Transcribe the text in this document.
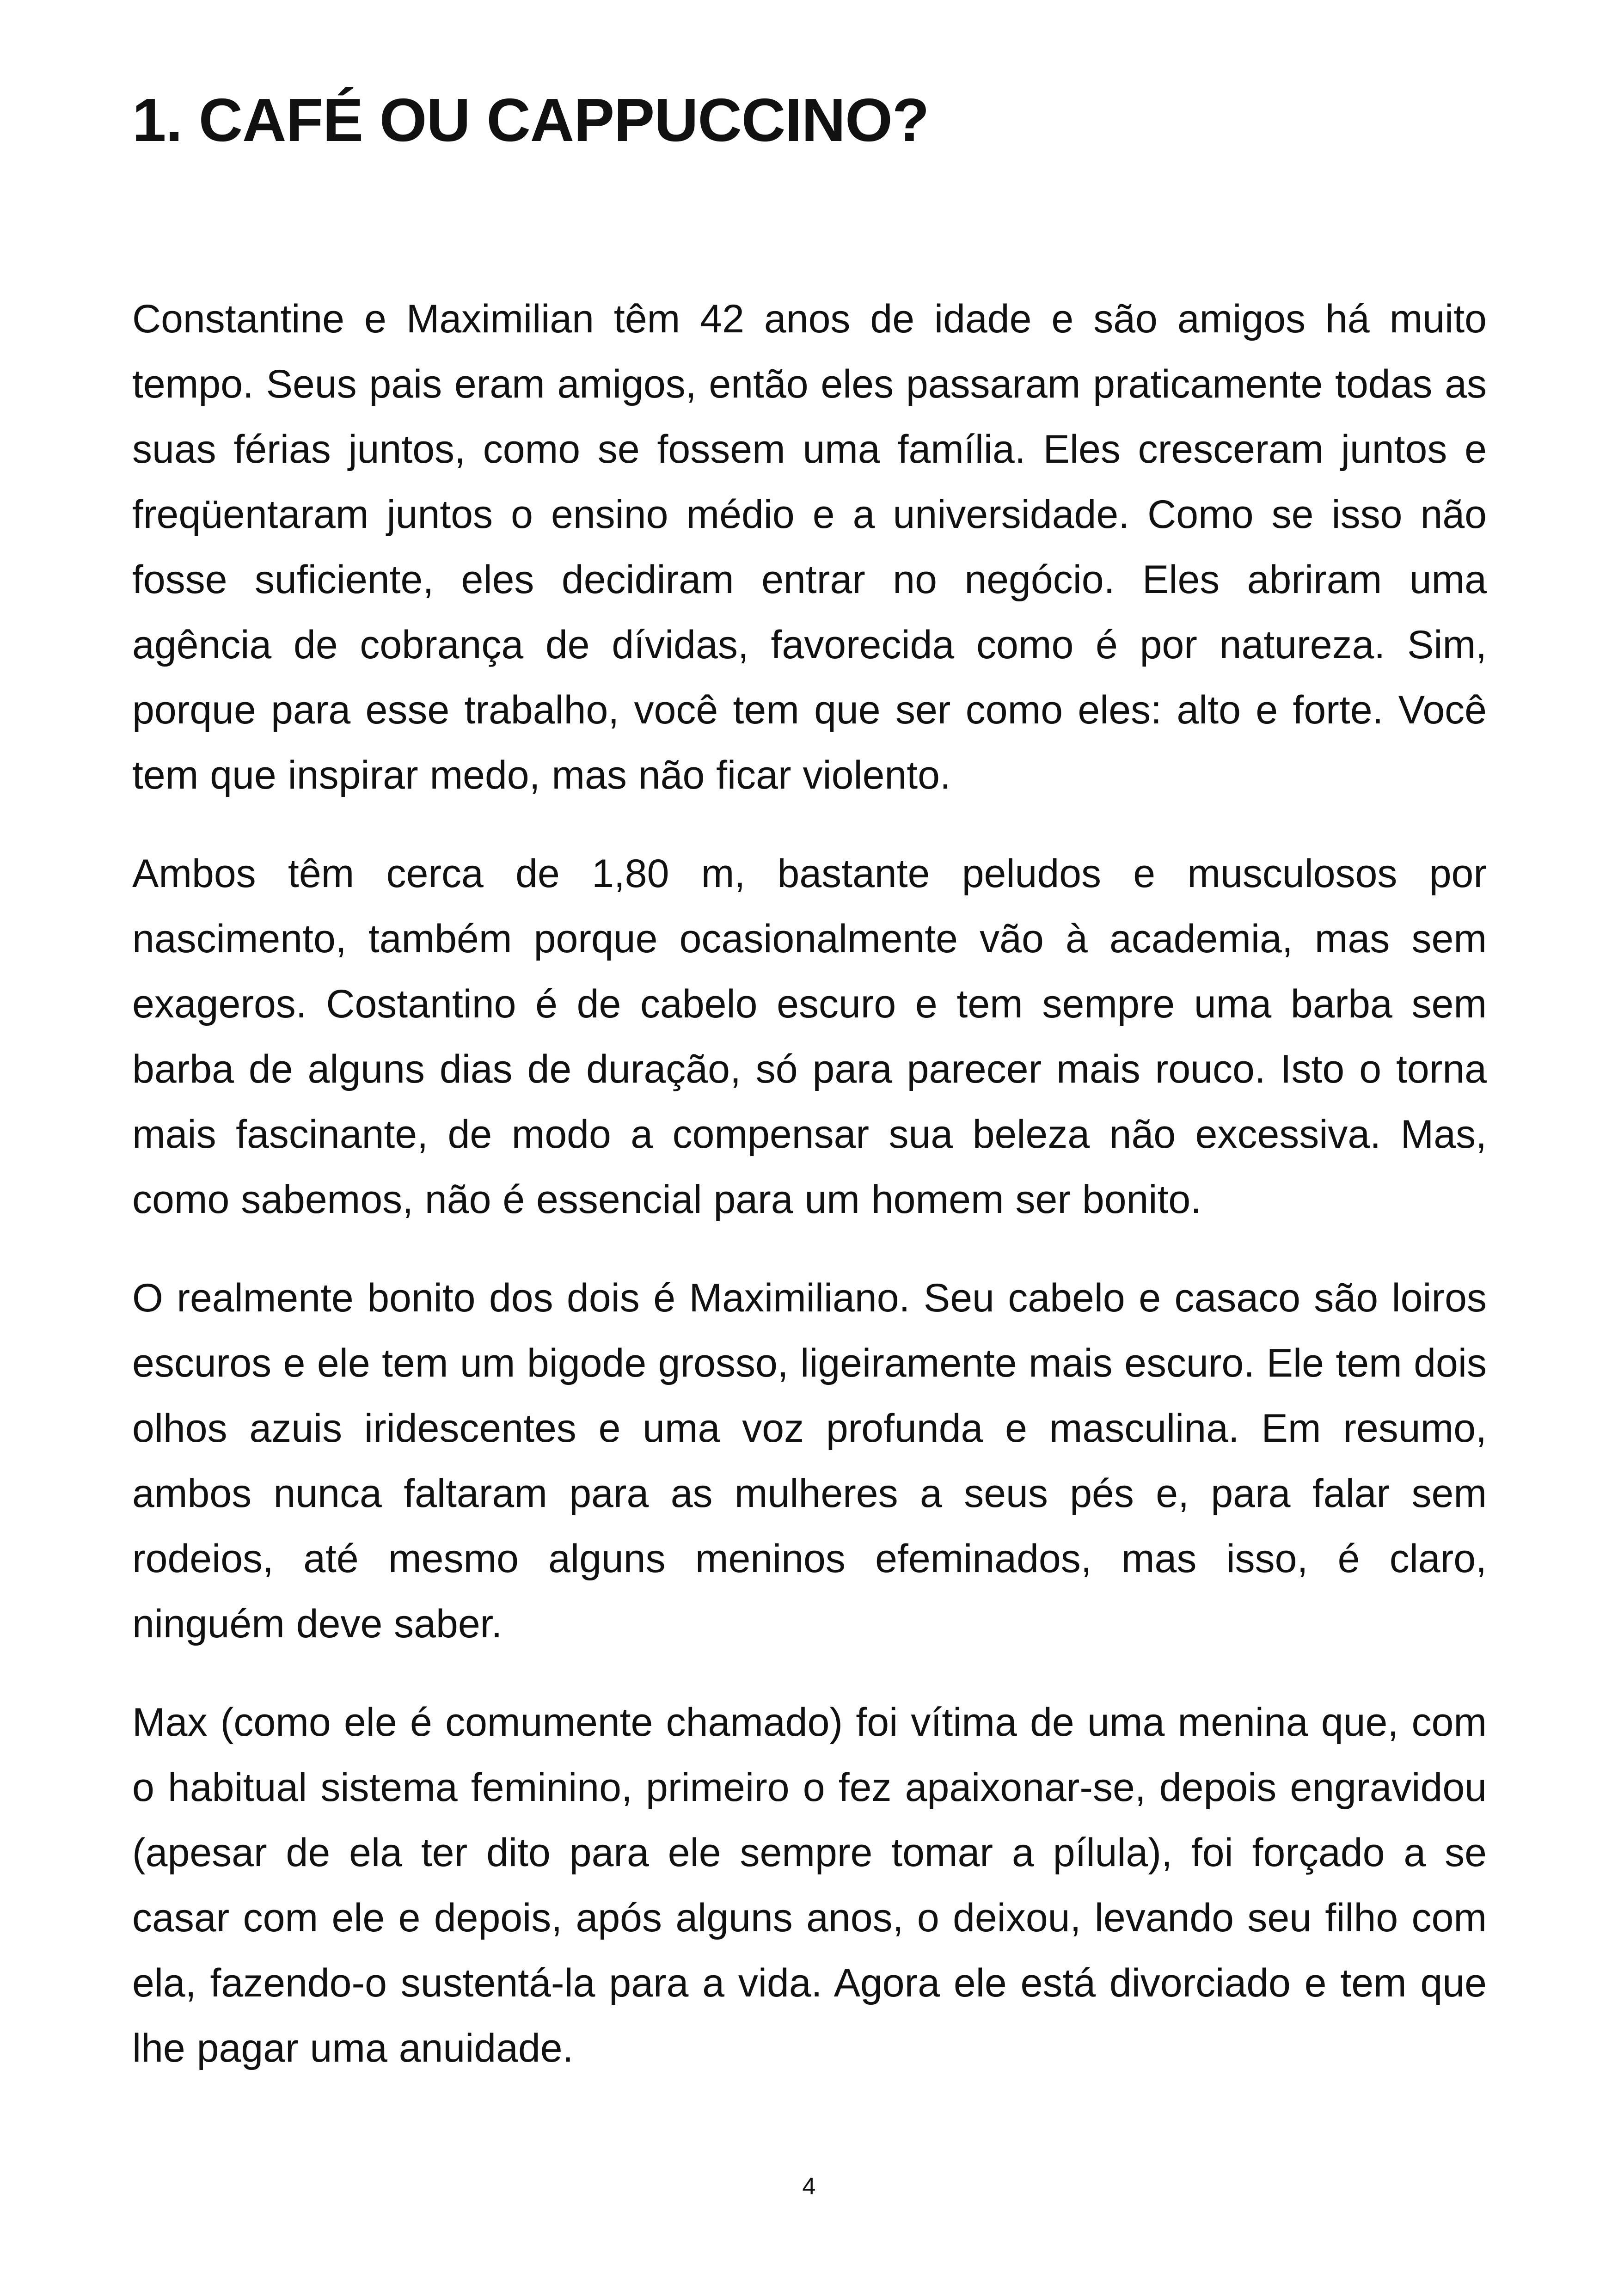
1. CAFÉ OU CAPPUCCINO?

Constantine e Maximilian têm 42 anos de idade e são amigos há muito tempo. Seus pais eram amigos, então eles passaram praticamente todas as suas férias juntos, como se fossem uma família. Eles cresceram juntos e freqüentaram juntos o ensino médio e a universidade. Como se isso não fosse suficiente, eles decidiram entrar no negócio. Eles abriram uma agência de cobrança de dívidas, favorecida como é por natureza. Sim, porque para esse trabalho, você tem que ser como eles: alto e forte. Você tem que inspirar medo, mas não ficar violento.

Ambos têm cerca de 1,80 m, bastante peludos e musculosos por nascimento, também porque ocasionalmente vão à academia, mas sem exageros. Costantino é de cabelo escuro e tem sempre uma barba sem barba de alguns dias de duração, só para parecer mais rouco. Isto o torna mais fascinante, de modo a compensar sua beleza não excessiva. Mas, como sabemos, não é essencial para um homem ser bonito.

O realmente bonito dos dois é Maximiliano. Seu cabelo e casaco são loiros escuros e ele tem um bigode grosso, ligeiramente mais escuro. Ele tem dois olhos azuis iridescentes e uma voz profunda e masculina. Em resumo, ambos nunca faltaram para as mulheres a seus pés e, para falar sem rodeios, até mesmo alguns meninos efeminados, mas isso, é claro, ninguém deve saber.

Max (como ele é comumente chamado) foi vítima de uma menina que, com o habitual sistema feminino, primeiro o fez apaixonar-se, depois engravidou (apesar de ela ter dito para ele sempre tomar a pílula), foi forçado a se casar com ele e depois, após alguns anos, o deixou, levando seu filho com ela, fazendo-o sustentá-la para a vida. Agora ele está divorciado e tem que lhe pagar uma anuidade.

4
